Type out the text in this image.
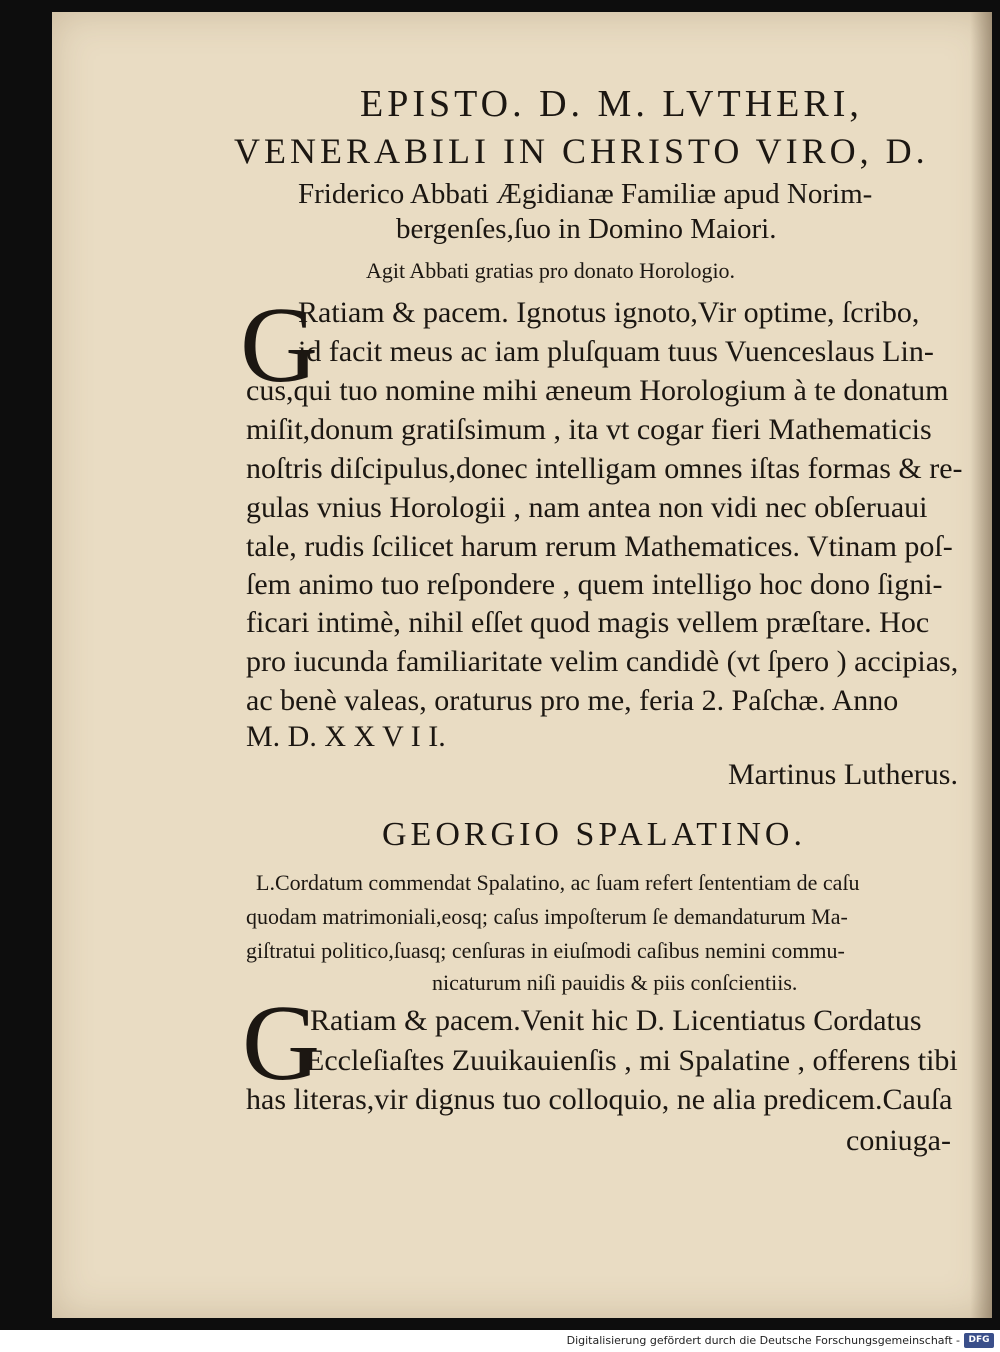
EPISTO. D. M. LVTHERI,
VENERABILI IN CHRISTO VIRO, D.
Friderico Abbati Ægidianæ Familiæ apud Norim-
bergenſes,ſuo in Domino Maiori.
Agit Abbati gratias pro donato Horologio.
G
Ratiam & pacem. Ignotus ignoto,Vir optime, ſcribo,
id facit meus ac iam pluſquam tuus Vuenceslaus Lin-
cus,qui tuo nomine mihi æneum Horologium à te donatum
miſit,donum gratiſsimum , ita vt cogar fieri Mathematicis
noſtris diſcipulus,donec intelligam omnes iſtas formas & re-
gulas vnius Horologii , nam antea non vidi nec obſeruaui
tale, rudis ſcilicet harum rerum Mathematices. Vtinam poſ-
ſem animo tuo reſpondere , quem intelligo hoc dono ſigni-
ficari intimè, nihil eſſet quod magis vellem præſtare. Hoc
pro iucunda familiaritate velim candidè (vt ſpero ) accipias,
ac benè valeas, oraturus pro me, feria 2. Paſchæ. Anno
M. D. X X V I I.
Martinus Lutherus.
GEORGIO SPALATINO.
L.Cordatum commendat Spalatino, ac ſuam refert ſententiam de caſu
quodam matrimoniali,eosq; caſus impoſterum ſe demandaturum Ma-
giſtratui politico,ſuasq; cenſuras in eiuſmodi caſibus nemini commu-
nicaturum niſi pauidis & piis conſcientiis.
G
Ratiam & pacem.Venit hic D. Licentiatus Cordatus
Eccleſiaſtes Zuuikauienſis , mi Spalatine , offerens tibi
has literas,vir dignus tuo colloquio, ne alia predicem.Cauſa
coniuga-
Digitalisierung gefördert durch die Deutsche Forschungsgemeinschaft - DFG
